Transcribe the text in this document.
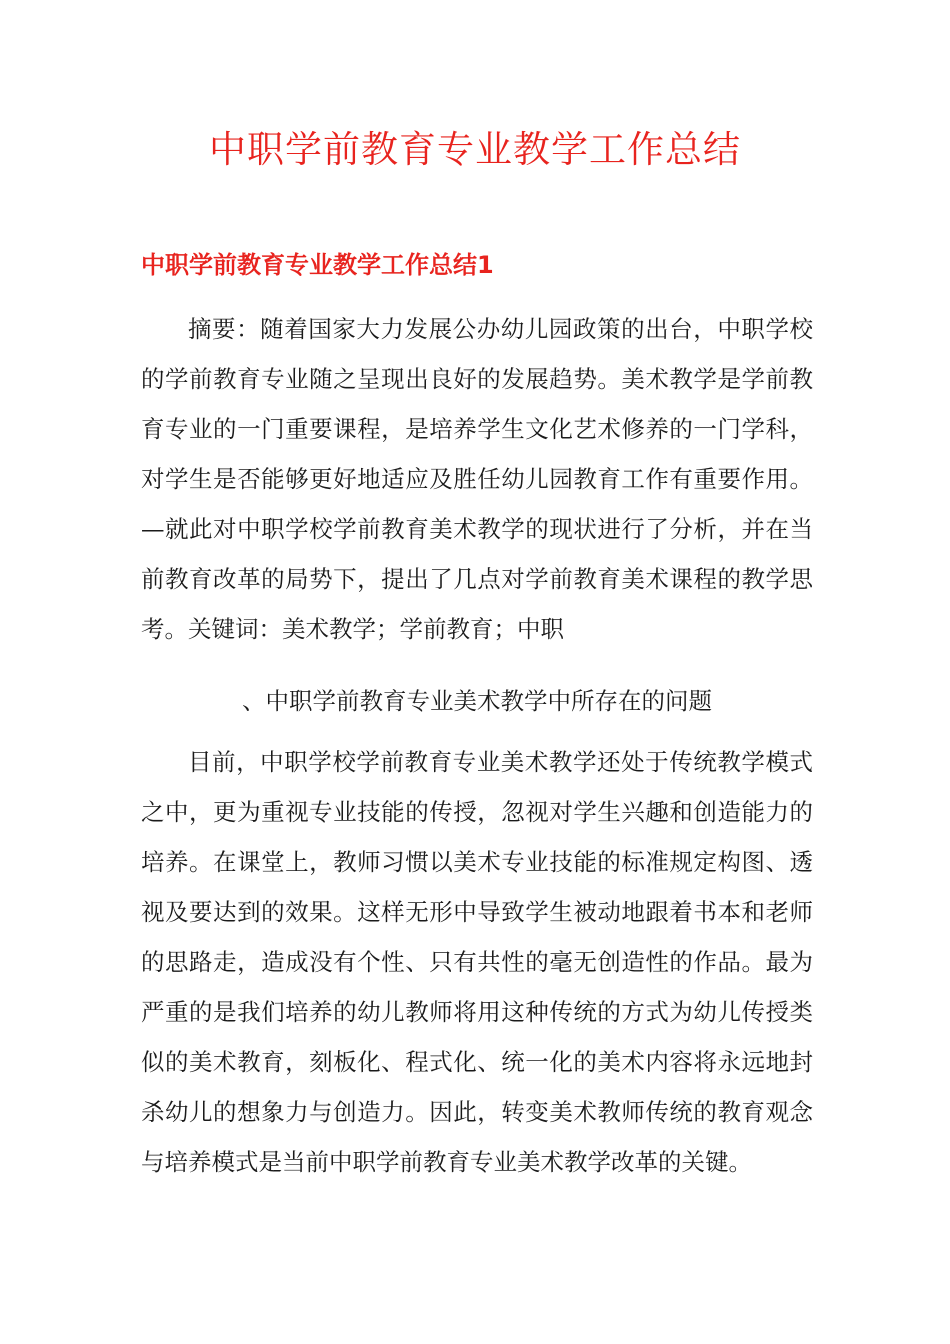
中职学前教育专业教学工作总结
中职学前教育专业教学工作总结1

摘要：随着国家大力发展公办幼儿园政策的出台，中职学校的学前教育专业随之呈现出良好的发展趋势。美术教学是学前教育专业的一门重要课程，是培养学生文化艺术修养的一门学科，对学生是否能够更好地适应及胜任幼儿园教育工作有重要作用。—就此对中职学校学前教育美术教学的现状进行了分析，并在当前教育改革的局势下，提出了几点对学前教育美术课程的教学思考。关键词：美术教学；学前教育；中职

、中职学前教育专业美术教学中所存在的问题

目前，中职学校学前教育专业美术教学还处于传统教学模式之中，更为重视专业技能的传授，忽视对学生兴趣和创造能力的培养。在课堂上，教师习惯以美术专业技能的标准规定构图、透视及要达到的效果。这样无形中导致学生被动地跟着书本和老师的思路走，造成没有个性、只有共性的毫无创造性的作品。最为严重的是我们培养的幼儿教师将用这种传统的方式为幼儿传授类似的美术教育，刻板化、程式化、统一化的美术内容将永远地封杀幼儿的想象力与创造力。因此，转变美术教师传统的教育观念与培养模式是当前中职学前教育专业美术教学改革的关键。
